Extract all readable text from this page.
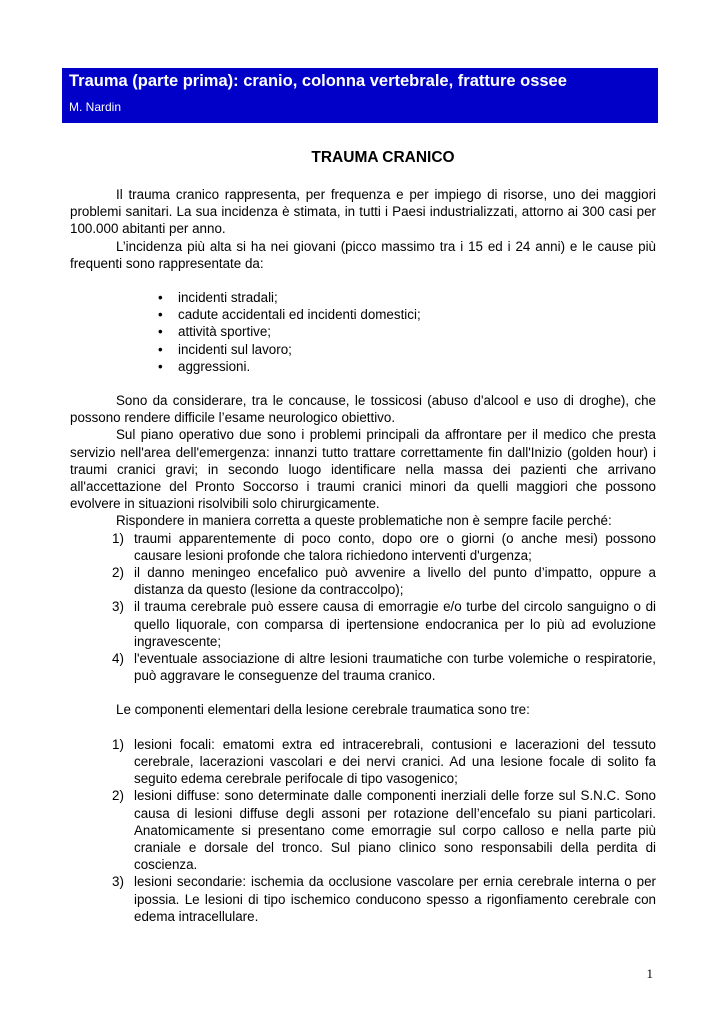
Trauma (parte prima): cranio, colonna vertebrale, fratture ossee
M. Nardin
TRAUMA CRANICO

Il trauma cranico rappresenta, per frequenza e per impiego di risorse, uno dei maggiori problemi sanitari. La sua incidenza è stimata, in tutti i Paesi industrializzati, attorno ai 300 casi per 100.000 abitanti per anno.

L’incidenza più alta si ha nei giovani (picco massimo tra i 15 ed i 24 anni) e le cause più frequenti sono rappresentate da:

• incidenti stradali;
• cadute accidentali ed incidenti domestici;
• attività sportive;
• incidenti sul lavoro;
• aggressioni.

Sono da considerare, tra le concause, le tossicosi (abuso d'alcool e uso di droghe), che possono rendere difficile l’esame neurologico obiettivo.

Sul piano operativo due sono i problemi principali da affrontare per il medico che presta servizio nell'area dell'emergenza: innanzi tutto trattare correttamente fin dall'Inizio (golden hour) i traumi cranici gravi; in secondo luogo identificare nella massa dei pazienti che arrivano all'accettazione del Pronto Soccorso i traumi cranici minori da quelli maggiori che possono evolvere in situazioni risolvibili solo chirurgicamente.

Rispondere in maniera corretta a queste problematiche non è sempre facile perché:

1) traumi apparentemente di poco conto, dopo ore o giorni (o anche mesi) possono causare lesioni profonde che talora richiedono interventi d'urgenza;
2) il danno meningeo encefalico può avvenire a livello del punto d’impatto, oppure a distanza da questo (lesione da contraccolpo);
3) il trauma cerebrale può essere causa di emorragie e/o turbe del circolo sanguigno o di quello liquorale, con comparsa di ipertensione endocranica per lo più ad evoluzione ingravescente;
4) l'eventuale associazione di altre lesioni traumatiche con turbe volemiche o respiratorie, può aggravare le conseguenze del trauma cranico.

Le componenti elementari della lesione cerebrale traumatica sono tre:

1) lesioni focali: ematomi extra ed intracerebrali, contusioni e lacerazioni del tessuto cerebrale, lacerazioni vascolari e dei nervi cranici. Ad una lesione focale di solito fa seguito edema cerebrale perifocale di tipo vasogenico;
2) lesioni diffuse: sono determinate dalle componenti inerziali delle forze sul S.N.C. Sono causa di lesioni diffuse degli assoni per rotazione dell’encefalo su piani particolari. Anatomicamente si presentano come emorragie sul corpo calloso e nella parte più craniale e dorsale del tronco. Sul piano clinico sono responsabili della perdita di coscienza.
3) lesioni secondarie: ischemia da occlusione vascolare per ernia cerebrale interna o per ipossia. Le lesioni di tipo ischemico conducono spesso a rigonfiamento cerebrale con edema intracellulare.
1
